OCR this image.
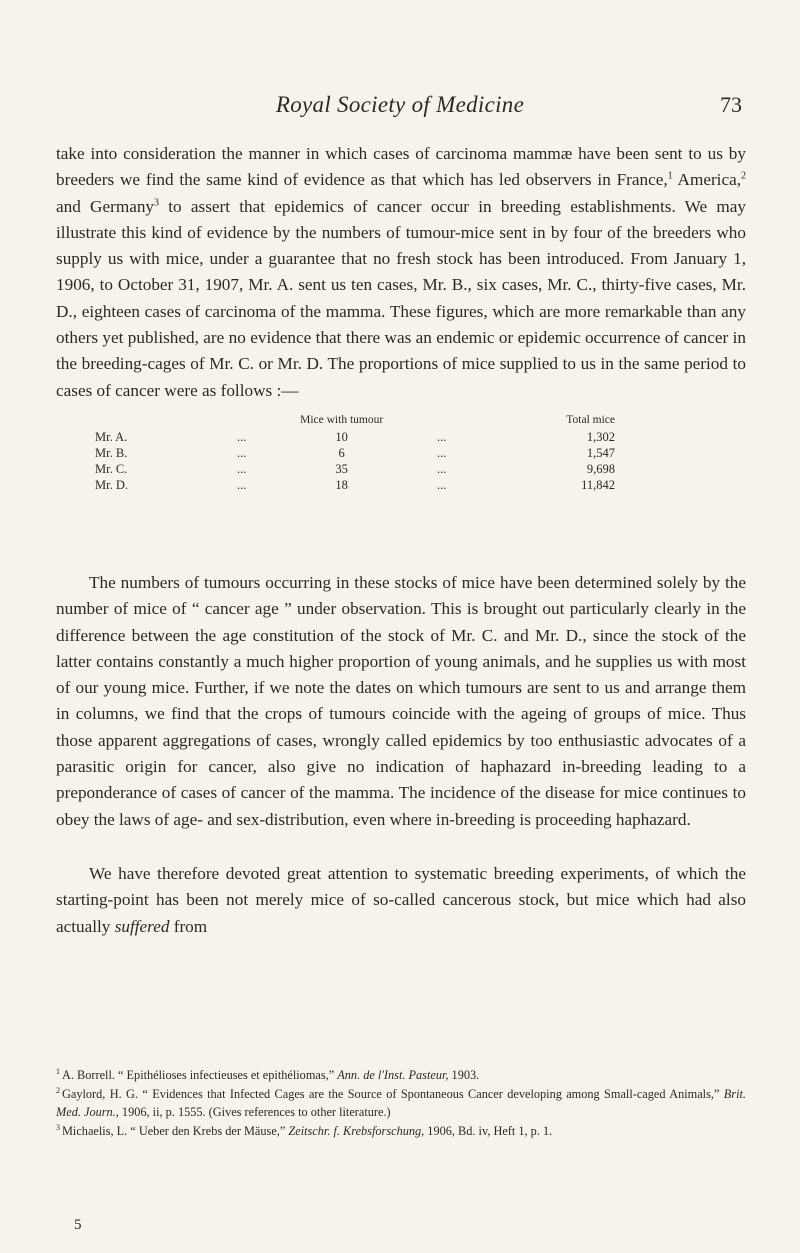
Royal Society of Medicine	73
take into consideration the manner in which cases of carcinoma mammæ have been sent to us by breeders we find the same kind of evidence as that which has led observers in France,$^1$ America,$^2$ and Germany$^3$ to assert that epidemics of cancer occur in breeding establishments. We may illustrate this kind of evidence by the numbers of tumour-mice sent in by four of the breeders who supply us with mice, under a guarantee that no fresh stock has been introduced. From January 1, 1906, to October 31, 1907, Mr. A. sent us ten cases, Mr. B., six cases, Mr. C., thirty-five cases, Mr. D., eighteen cases of carcinoma of the mamma. These figures, which are more remarkable than any others yet published, are no evidence that there was an endemic or epidemic occurrence of cancer in the breeding-cages of Mr. C. or Mr. D. The proportions of mice supplied to us in the same period to cases of cancer were as follows :—
		Mice with tumour		Total mice
Mr. A.	...	10	...	1,302
Mr. B.	...	6	...	1,547
Mr. C.	...	35	...	9,698
Mr. D.	...	18	...	11,842
The numbers of tumours occurring in these stocks of mice have been determined solely by the number of mice of “ cancer age ” under observation. This is brought out particularly clearly in the difference between the age constitution of the stock of Mr. C. and Mr. D., since the stock of the latter contains constantly a much higher proportion of young animals, and he supplies us with most of our young mice. Further, if we note the dates on which tumours are sent to us and arrange them in columns, we find that the crops of tumours coincide with the ageing of groups of mice. Thus those apparent aggregations of cases, wrongly called epidemics by too enthusiastic advocates of a parasitic origin for cancer, also give no indication of haphazard in-breeding leading to a preponderance of cases of cancer of the mamma. The incidence of the disease for mice continues to obey the laws of age- and sex-distribution, even where in-breeding is proceeding haphazard.
We have therefore devoted great attention to systematic breeding experiments, of which the starting-point has been not merely mice of so-called cancerous stock, but mice which had also actually suffered from

$^1$ A. Borrell. “ Epithélioses infectieuses et epithéliomas,” Ann. de l'Inst. Pasteur, 1903.

$^2$ Gaylord, H. G. “ Evidences that Infected Cages are the Source of Spontaneous Cancer developing among Small-caged Animals,” Brit. Med. Journ., 1906, ii, p. 1555. (Gives references to other literature.)

$^3$ Michaelis, L. “ Ueber den Krebs der Mäuse,” Zeitschr. f. Krebsforschung, 1906, Bd. iv, Heft 1, p. 1.

5
